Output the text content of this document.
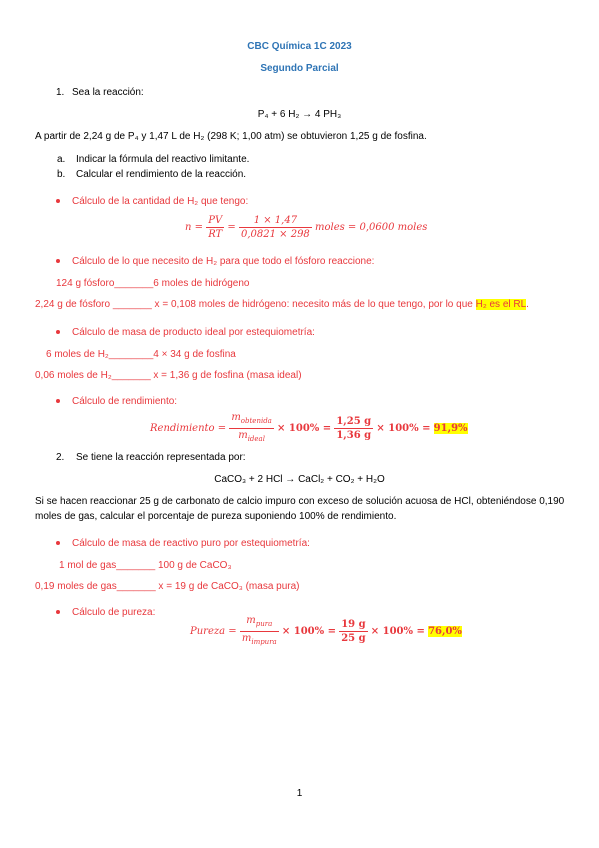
CBC Química 1C 2023
Segundo Parcial
1. Sea la reacción:
P₄ + 6 H₂ → 4 PH₃
A partir de 2,24 g de P₄ y 1,47 L de H₂ (298 K; 1,00 atm) se obtuvieron 1,25 g de fosfina.
a. Indicar la fórmula del reactivo limitante.
b. Calcular el rendimiento de la reacción.
Cálculo de la cantidad de H₂ que tengo:
$n = \frac{PV}{RT} = \frac{1 \times 1,47}{0,0821 \times 298}$ moles = 0,0600 moles
Cálculo de lo que necesito de H₂ para que todo el fósforo reaccione:
124 g fósforo_______6 moles de hidrógeno
2,24 g de fósforo _______ x = 0,108 moles de hidrógeno: necesito más de lo que tengo, por lo que H₂ es el RL.
Cálculo de masa de producto ideal por estequiometría:
6 moles de H₂________4 × 34 g de fosfina
0,06 moles de H₂_______ x = 1,36 g de fosfina (masa ideal)
Cálculo de rendimiento:
Rendimiento = $\frac{m_{obtenida}}{m_{ideal}} \times 100\% = \frac{1,25 g}{1,36 g} \times 100\% = 91,9\%$
2. Se tiene la reacción representada por:
CaCO₃ + 2 HCl → CaCl₂ + CO₂ + H₂O
Si se hacen reaccionar 25 g de carbonato de calcio impuro con exceso de solución acuosa de HCl, obteniéndose 0,190
moles de gas, calcular el porcentaje de pureza suponiendo 100% de rendimiento.
Cálculo de masa de reactivo puro por estequiometría:
1 mol de gas_______ 100 g de CaCO₃
0,19 moles de gas_______ x = 19 g de CaCO₃ (masa pura)
Cálculo de pureza:
Pureza = $\frac{m_{pura}}{m_{impura}} \times 100\% = \frac{19 g}{25 g} \times 100\% = 76,0\%$
1
